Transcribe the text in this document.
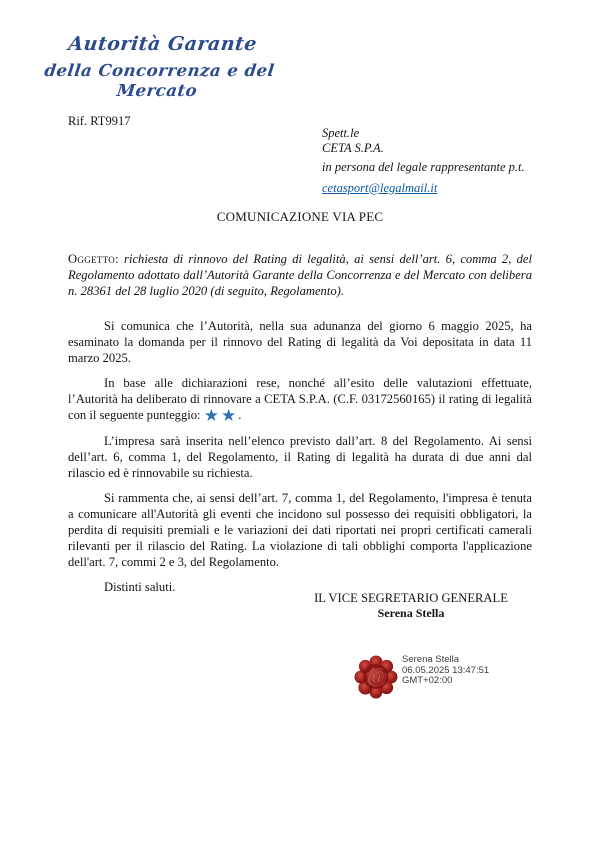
Autorità Garante
della Concorrenza e del Mercato
Rif. RT9917
Spett.le
CETA S.P.A.
in persona del legale rappresentante p.t.
cetasport@legalmail.it
COMUNICAZIONE VIA PEC
Oggetto: richiesta di rinnovo del Rating di legalità, ai sensi dell’art. 6, comma 2, del Regolamento adottato dall’Autorità Garante della Concorrenza e del Mercato con delibera n. 28361 del 28 luglio 2020 (di seguito, Regolamento).

Si comunica che l’Autorità, nella sua adunanza del giorno 6 maggio 2025, ha esaminato la domanda per il rinnovo del Rating di legalità da Voi depositata in data 11 marzo 2025.

In base alle dichiarazioni rese, nonché all’esito delle valutazioni effettuate, l’Autorità ha deliberato di rinnovare a CETA S.P.A. (C.F. 03172560165) il rating di legalità con il seguente punteggio: ★★.

L’impresa sarà inserita nell’elenco previsto dall’art. 8 del Regolamento. Ai sensi dell’art. 6, comma 1, del Regolamento, il Rating di legalità ha durata di due anni dal rilascio ed è rinnovabile su richiesta.

Si rammenta che, ai sensi dell’art. 7, comma 1, del Regolamento, l'impresa è tenuta a comunicare all'Autorità gli eventi che incidono sul possesso dei requisiti obbligatori, la perdita di requisiti premiali e le variazioni dei dati riportati nei propri certificati camerali rilevanti per il rilascio del Rating. La violazione di tali obblighi comporta l'applicazione dell'art. 7, commi 2 e 3, del Regolamento.

Distinti saluti.

IL VICE SEGRETARIO GENERALE
Serena Stella
@
Serena Stella
06.05.2025 13:47:51
GMT+02:00
